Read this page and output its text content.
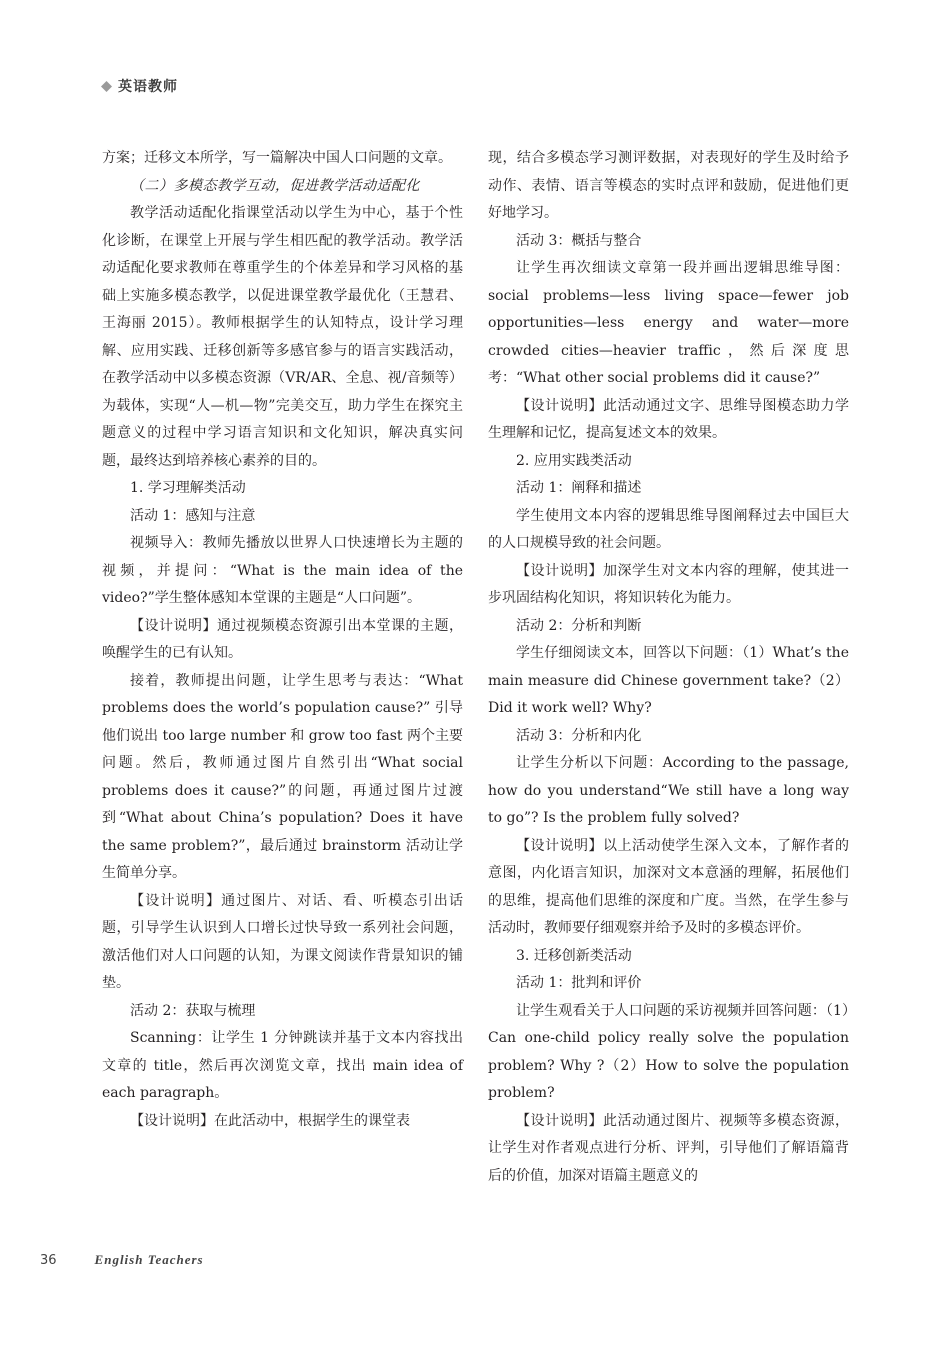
英语教师

方案；迁移文本所学，写一篇解决中国人口问题的文章。

（二）多模态教学互动，促进教学活动适配化

教学活动适配化指课堂活动以学生为中心，基于个性化诊断，在课堂上开展与学生相匹配的教学活动。教学活动适配化要求教师在尊重学生的个体差异和学习风格的基础上实施多模态教学，以促进课堂教学最优化（王慧君、王海丽 2015）。教师根据学生的认知特点，设计学习理解、应用实践、迁移创新等多感官参与的语言实践活动，在教学活动中以多模态资源（VR/AR、全息、视/音频等）为载体，实现“人—机—物”完美交互，助力学生在探究主题意义的过程中学习语言知识和文化知识，解决真实问题，最终达到培养核心素养的目的。

1. 学习理解类活动

活动 1：感知与注意

视频导入：教师先播放以世界人口快速增长为主题的视频，并提问：“What is the main idea of the video?”学生整体感知本堂课的主题是“人口问题”。

【设计说明】通过视频模态资源引出本堂课的主题，唤醒学生的已有认知。

接着，教师提出问题，让学生思考与表达：“What problems does the world’s population cause?” 引导他们说出 too large number 和 grow too fast 两个主要问题。然后，教师通过图片自然引出“What social problems does it cause?”的问题，再通过图片过渡到“What about China’s population? Does it have the same problem?”，最后通过 brainstorm 活动让学生简单分享。

【设计说明】通过图片、对话、看、听模态引出话题，引导学生认识到人口增长过快导致一系列社会问题，激活他们对人口问题的认知，为课文阅读作背景知识的铺垫。

活动 2：获取与梳理

Scanning：让学生 1 分钟跳读并基于文本内容找出文章的 title，然后再次浏览文章，找出 main idea of each paragraph。

【设计说明】在此活动中，根据学生的课堂表

现，结合多模态学习测评数据，对表现好的学生及时给予动作、表情、语言等模态的实时点评和鼓励，促进他们更好地学习。

活动 3：概括与整合

让学生再次细读文章第一段并画出逻辑思维导图：social problems—less living space—fewer job opportunities—less energy and water—more crowded cities—heavier traffic，然后深度思考：“What other social problems did it cause?”

【设计说明】此活动通过文字、思维导图模态助力学生理解和记忆，提高复述文本的效果。

2. 应用实践类活动

活动 1：阐释和描述

学生使用文本内容的逻辑思维导图阐释过去中国巨大的人口规模导致的社会问题。

【设计说明】加深学生对文本内容的理解，使其进一步巩固结构化知识，将知识转化为能力。

活动 2：分析和判断

学生仔细阅读文本，回答以下问题：（1）What’s the main measure did Chinese government take?（2）Did it work well? Why?

活动 3：分析和内化

让学生分析以下问题：According to the passage, how do you understand“We still have a long way to go”? Is the problem fully solved?

【设计说明】以上活动使学生深入文本，了解作者的意图，内化语言知识，加深对文本意涵的理解，拓展他们的思维，提高他们思维的深度和广度。当然，在学生参与活动时，教师要仔细观察并给予及时的多模态评价。

3. 迁移创新类活动

活动 1：批判和评价

让学生观看关于人口问题的采访视频并回答问题：（1）Can one-child policy really solve the population problem? Why ?（2）How to solve the population problem?

【设计说明】此活动通过图片、视频等多模态资源，让学生对作者观点进行分析、评判，引导他们了解语篇背后的价值，加深对语篇主题意义的

36	English Teachers
